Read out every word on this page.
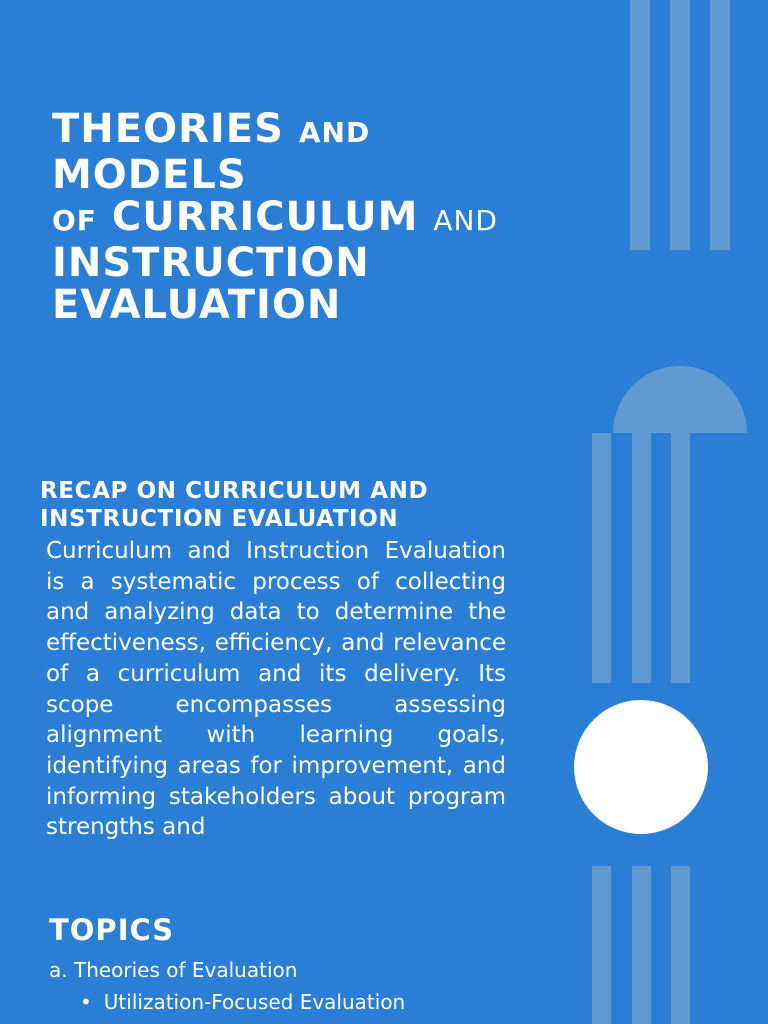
THEORIES AND
MODELS
OF CURRICULUM AND
INSTRUCTION
EVALUATION
RECAP ON CURRICULUM AND INSTRUCTION EVALUATION

Curriculum and Instruction Evaluation is a systematic process of collecting and analyzing data to determine the effectiveness, efficiency, and relevance of a curriculum and its delivery. Its scope encompasses assessing alignment with learning goals, identifying areas for improvement, and informing stakeholders about program strengths and

TOPICS

a. Theories of Evaluation

• Utilization-Focused Evaluation
